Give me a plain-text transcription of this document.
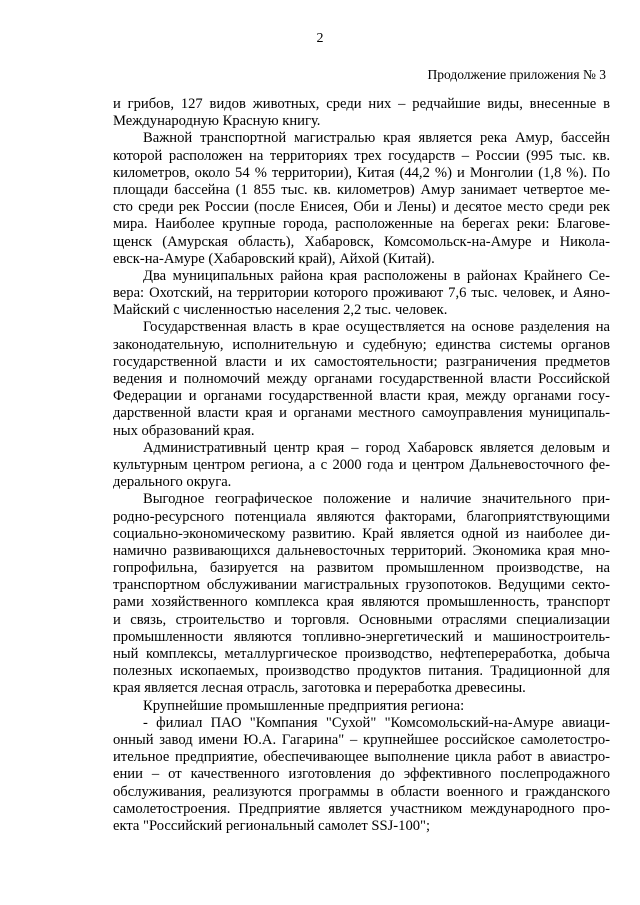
2
Продолжение приложения № 3
и грибов, 127 видов животных, среди них – редчайшие виды, внесенные в
Международную Красную книгу.
Важной транспортной магистралью края является река Амур, бассейн
которой расположен на территориях трех государств – России (995 тыс. кв.
километров, около 54 % территории), Китая (44,2 %) и Монголии (1,8 %). По
площади бассейна (1 855 тыс. кв. километров) Амур занимает четвертое ме-
сто среди рек России (после Енисея, Оби и Лены) и десятое место среди рек
мира. Наиболее крупные города, расположенные на берегах реки: Благове-
щенск (Амурская область), Хабаровск, Комсомольск-на-Амуре и Никола-
евск-на-Амуре (Хабаровский край), Айхой (Китай).
Два муниципальных района края расположены в районах Крайнего Се-
вера: Охотский, на территории которого проживают 7,6 тыс. человек, и Аяно-
Майский с численностью населения 2,2 тыс. человек.
Государственная власть в крае осуществляется на основе разделения на
законодательную, исполнительную и судебную; единства системы органов
государственной власти и их самостоятельности; разграничения предметов
ведения и полномочий между органами государственной власти Российской
Федерации и органами государственной власти края, между органами госу-
дарственной власти края и органами местного самоуправления муниципаль-
ных образований края.
Административный центр края – город Хабаровск является деловым и
культурным центром региона, а с 2000 года и центром Дальневосточного фе-
дерального округа.
Выгодное географическое положение и наличие значительного при-
родно-ресурсного потенциала являются факторами, благоприятствующими
социально-экономическому развитию. Край является одной из наиболее ди-
намично развивающихся дальневосточных территорий. Экономика края мно-
гопрофильна, базируется на развитом промышленном производстве, на
транспортном обслуживании магистральных грузопотоков. Ведущими секто-
рами хозяйственного комплекса края являются промышленность, транспорт
и связь, строительство и торговля. Основными отраслями специализации
промышленности являются топливно-энергетический и машиностроитель-
ный комплексы, металлургическое производство, нефтепереработка, добыча
полезных ископаемых, производство продуктов питания. Традиционной для
края является лесная отрасль, заготовка и переработка древесины.
Крупнейшие промышленные предприятия региона:
- филиал ПАО "Компания "Сухой" "Комсомольский-на-Амуре авиаци-
онный завод имени Ю.А. Гагарина" – крупнейшее российское самолетостро-
ительное предприятие, обеспечивающее выполнение цикла работ в авиастро-
ении – от качественного изготовления до эффективного послепродажного
обслуживания, реализуются программы в области военного и гражданского
самолетостроения. Предприятие является участником международного про-
екта "Российский региональный самолет SSJ-100";
